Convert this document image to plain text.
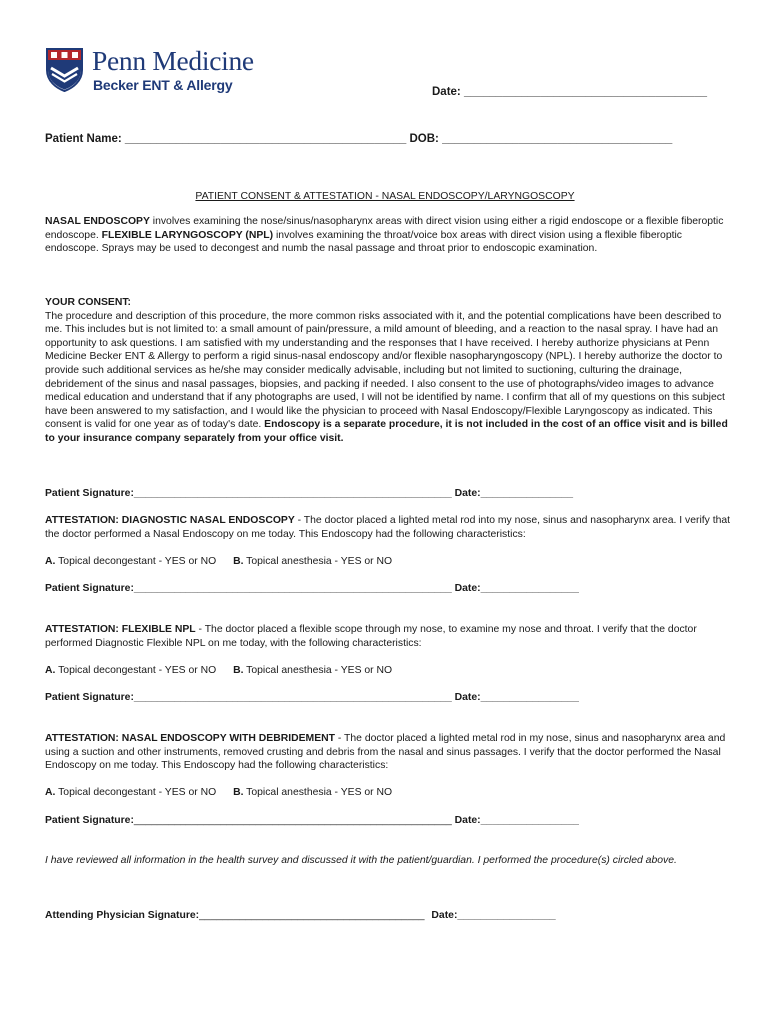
Penn Medicine
Becker ENT & Allergy	Date: ______________________________________
Patient Name: ____________________________________________ DOB: ____________________________________
PATIENT CONSENT & ATTESTATION - NASAL ENDOSCOPY/LARYNGOSCOPY

NASAL ENDOSCOPY involves examining the nose/sinus/nasopharynx areas with direct vision using either a rigid endoscope or a flexible fiberoptic endoscope. FLEXIBLE LARYNGOSCOPY (NPL) involves examining the throat/voice box areas with direct vision using a flexible fiberoptic endoscope. Sprays may be used to decongest and numb the nasal passage and throat prior to endoscopic examination.

YOUR CONSENT:

The procedure and description of this procedure, the more common risks associated with it, and the potential complications have been described to me. This includes but is not limited to: a small amount of pain/pressure, a mild amount of bleeding, and a reaction to the nasal spray. I have had an opportunity to ask questions. I am satisfied with my understanding and the responses that I have received. I hereby authorize physicians at Penn Medicine Becker ENT & Allergy to perform a rigid sinus-nasal endoscopy and/or flexible nasopharyngoscopy (NPL). I hereby authorize the doctor to provide such additional services as he/she may consider medically advisable, including but not limited to suctioning, culturing the drainage, debridement of the sinus and nasal passages, biopsies, and packing if needed. I also consent to the use of photographs/video images to advance medical education and understand that if any photographs are used, I will not be identified by name. I confirm that all of my questions on this subject have been answered to my satisfaction, and I would like the physician to proceed with Nasal Endoscopy/Flexible Laryngoscopy as indicated. This consent is valid for one year as of today's date. Endoscopy is a separate procedure, it is not included in the cost of an office visit and is billed to your insurance company separately from your office visit.

Patient Signature:_______________________________________________________ Date:________________

ATTESTATION: DIAGNOSTIC NASAL ENDOSCOPY - The doctor placed a lighted metal rod into my nose, sinus and nasopharynx area. I verify that the doctor performed a Nasal Endoscopy on me today. This Endoscopy had the following characteristics:

A. Topical decongestant - YES or NO B. Topical anesthesia - YES or NO
Patient Signature:_______________________________________________________ Date:_________________

ATTESTATION: FLEXIBLE NPL - The doctor placed a flexible scope through my nose, to examine my nose and throat. I verify that the doctor performed Diagnostic Flexible NPL on me today, with the following characteristics:

A. Topical decongestant - YES or NO B. Topical anesthesia - YES or NO
Patient Signature:_______________________________________________________ Date:_________________

ATTESTATION: NASAL ENDOSCOPY WITH DEBRIDEMENT - The doctor placed a lighted metal rod in my nose, sinus and nasopharynx area and using a suction and other instruments, removed crusting and debris from the nasal and sinus passages. I verify that the doctor performed the Nasal Endoscopy on me today. This Endoscopy had the following characteristics:

A. Topical decongestant - YES or NO B. Topical anesthesia - YES or NO
Patient Signature:_______________________________________________________ Date:_________________
I have reviewed all information in the health survey and discussed it with the patient/guardian. I performed the procedure(s) circled above.
Attending Physician Signature:_______________________________________ Date:_________________
